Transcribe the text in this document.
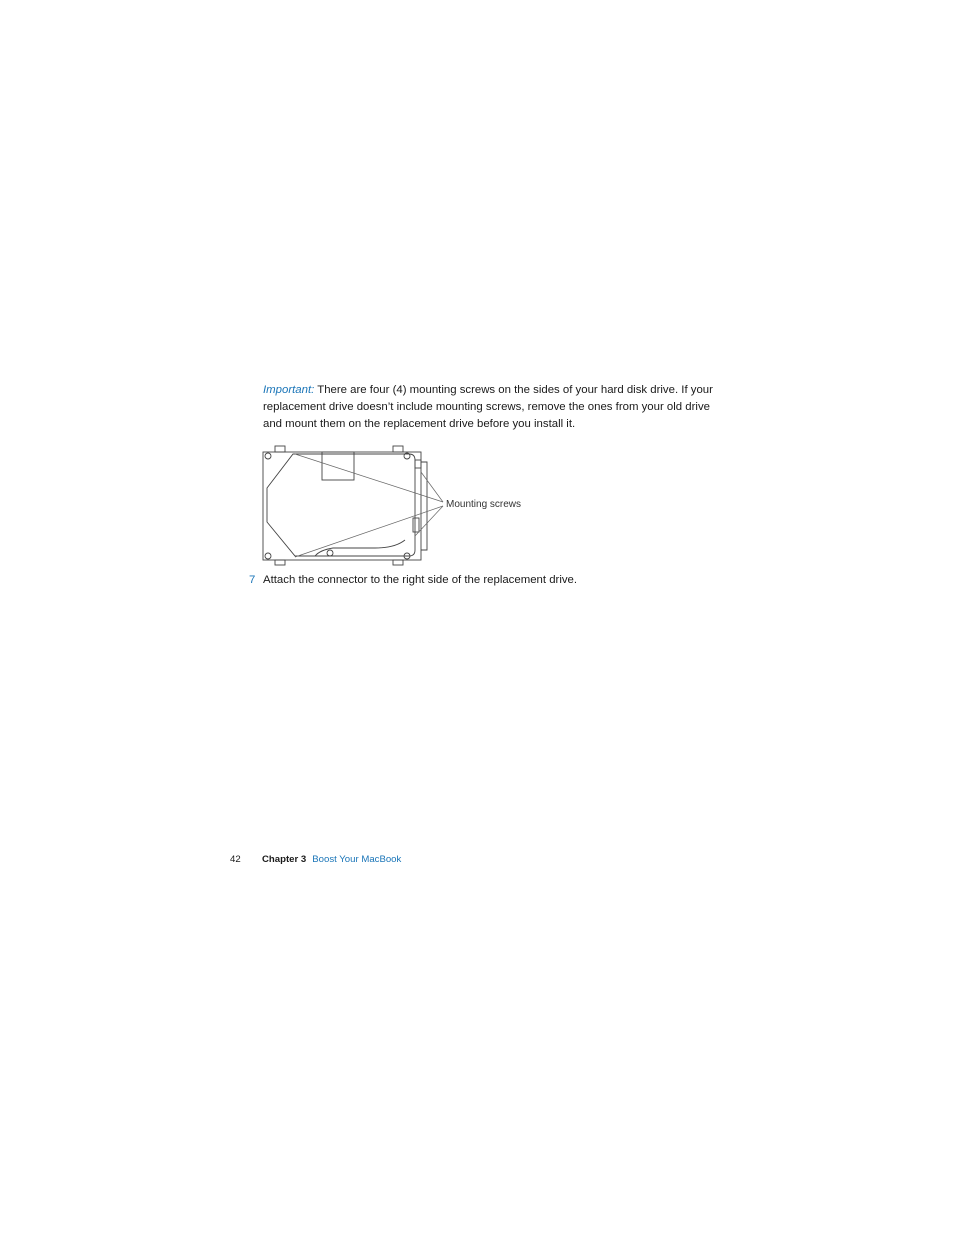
Important: There are four (4) mounting screws on the sides of your hard disk drive. If your replacement drive doesn’t include mounting screws, remove the ones from your old drive and mount them on the replacement drive before you install it.
Mounting screws
7 Attach the connector to the right side of the replacement drive.
42 Chapter 3 Boost Your MacBook
